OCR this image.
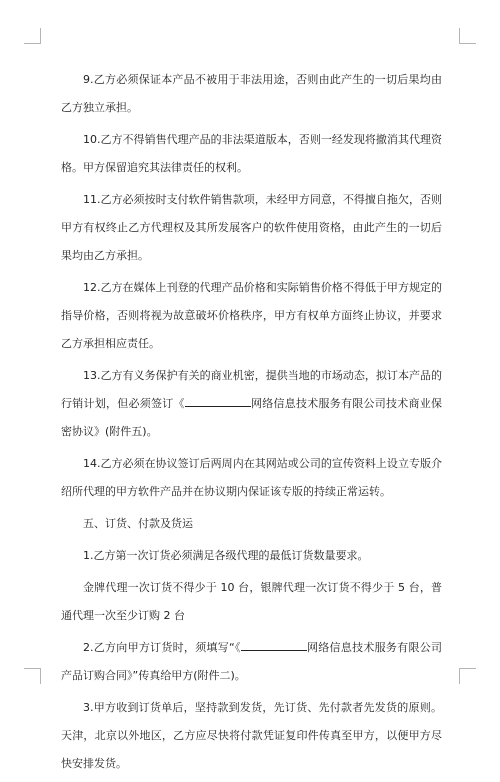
9.乙方必须保证本产品不被用于非法用途，否则由此产生的一切后果均由乙方独立承担。

10.乙方不得销售代理产品的非法渠道版本，否则一经发现将撤消其代理资格。甲方保留追究其法律责任的权利。

11.乙方必须按时支付软件销售款项，未经甲方同意，不得擅自拖欠，否则甲方有权终止乙方代理权及其所发展客户的软件使用资格，由此产生的一切后果均由乙方承担。

12.乙方在媒体上刊登的代理产品价格和实际销售价格不得低于甲方规定的指导价格，否则将视为故意破坏价格秩序，甲方有权单方面终止协议，并要求乙方承担相应责任。

13.乙方有义务保护有关的商业机密，提供当地的市场动态，拟订本产品的行销计划，但必须签订《	网络信息技术服务有限公司技术商业保密协议》(附件五)。

14.乙方必须在协议签订后两周内在其网站或公司的宣传资料上设立专版介绍所代理的甲方软件产品并在协议期内保证该专版的持续正常运转。

五、订货、付款及货运

1.乙方第一次订货必须满足各级代理的最低订货数量要求。

金牌代理一次订货不得少于 10 台，银牌代理一次订货不得少于 5 台，普通代理一次至少订购 2 台

2.乙方向甲方订货时，须填写“《	网络信息技术服务有限公司产品订购合同》”传真给甲方(附件二)。

3.甲方收到订货单后，坚持款到发货，先订货、先付款者先发货的原则。天津，北京以外地区，乙方应尽快将付款凭证复印件传真至甲方，以便甲方尽快安排发货。
